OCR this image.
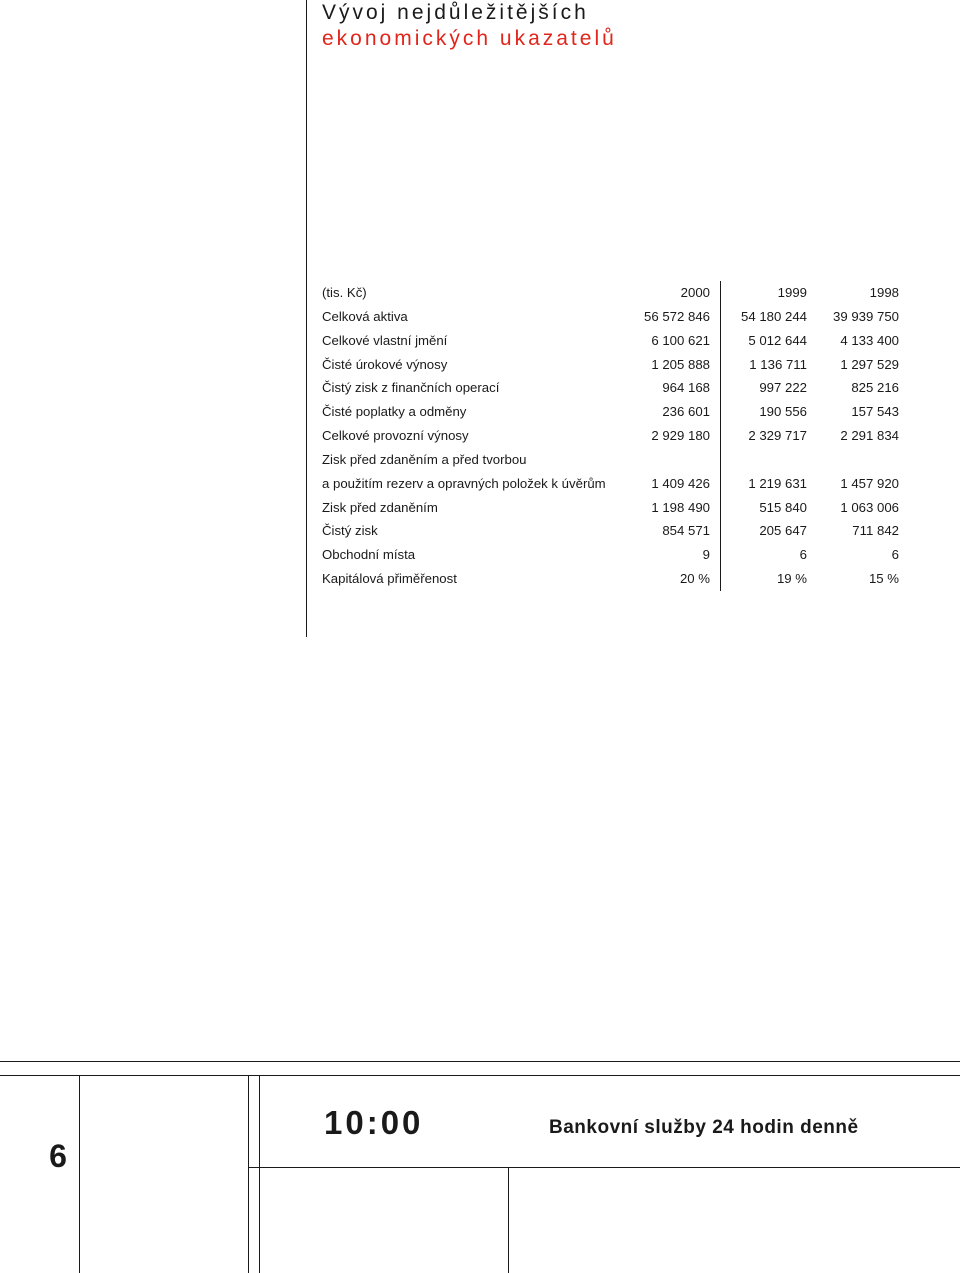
Vývoj nejdůležitějších
ekonomických ukazatelů
(tis. Kč)	2000	1999	1998
Celková aktiva	56 572 846	54 180 244	39 939 750
Celkové vlastní jmění	6 100 621	5 012 644	4 133 400
Čisté úrokové výnosy	1 205 888	1 136 711	1 297 529
Čistý zisk z finančních operací	964 168	997 222	825 216
Čisté poplatky a odměny	236 601	190 556	157 543
Celkové provozní výnosy	2 929 180	2 329 717	2 291 834
Zisk před zdaněním a před tvorbou			
a použitím rezerv a opravných položek k úvěrům	1 409 426	1 219 631	1 457 920
Zisk před zdaněním	1 198 490	515 840	1 063 006
Čistý zisk	854 571	205 647	711 842
Obchodní místa	9	6	6
Kapitálová přiměřenost	20 %	19 %	15 %
6
10:00	Bankovní služby 24 hodin denně
